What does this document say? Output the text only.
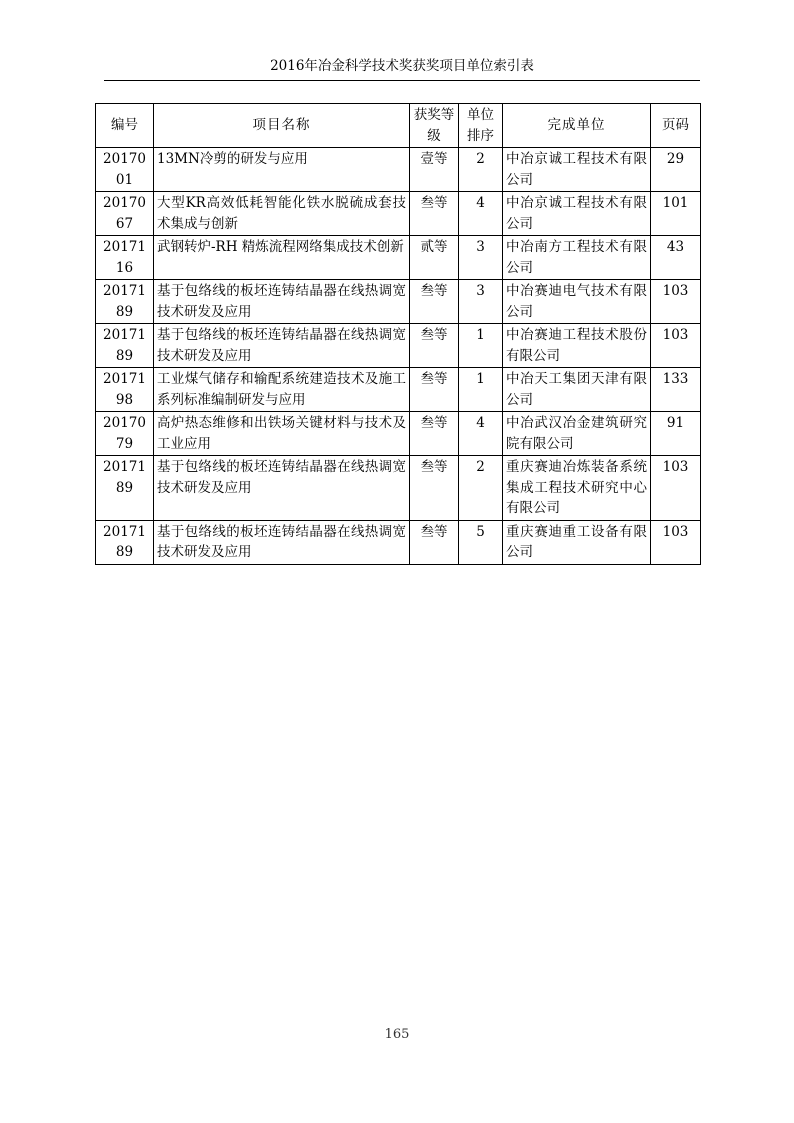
2016年冶金科学技术奖获奖项目单位索引表
编号	项目名称	获奖等级	单位排序	完成单位	页码
2017001	13MN冷剪的研发与应用	壹等	2	中冶京诚工程技术有限公司	29
2017067	大型KR高效低耗智能化铁水脱硫成套技术集成与创新	叁等	4	中冶京诚工程技术有限公司	101
2017116	武钢转炉-RH 精炼流程网络集成技术创新	贰等	3	中冶南方工程技术有限公司	43
2017189	基于包络线的板坯连铸结晶器在线热调宽技术研发及应用	叁等	3	中冶赛迪电气技术有限公司	103
2017189	基于包络线的板坯连铸结晶器在线热调宽技术研发及应用	叁等	1	中冶赛迪工程技术股份有限公司	103
2017198	工业煤气储存和输配系统建造技术及施工系列标准编制研发与应用	叁等	1	中冶天工集团天津有限公司	133
2017079	高炉热态维修和出铁场关键材料与技术及工业应用	叁等	4	中冶武汉冶金建筑研究院有限公司	91
2017189	基于包络线的板坯连铸结晶器在线热调宽技术研发及应用	叁等	2	重庆赛迪冶炼装备系统集成工程技术研究中心有限公司	103
2017189	基于包络线的板坯连铸结晶器在线热调宽技术研发及应用	叁等	5	重庆赛迪重工设备有限公司	103
165
